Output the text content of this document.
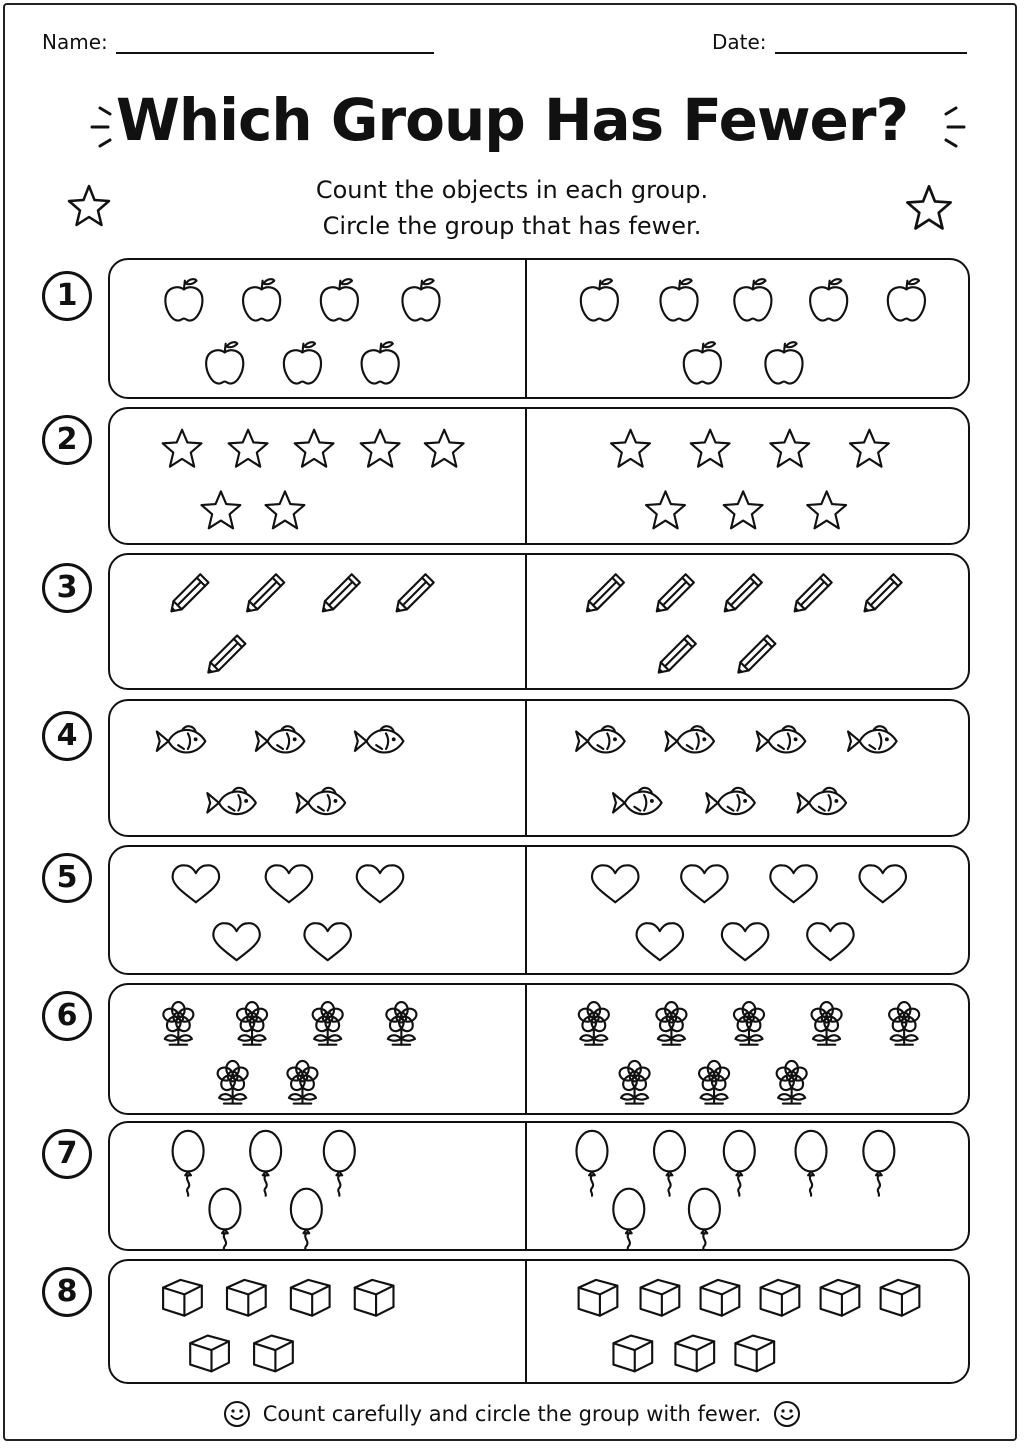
Name:	Date:
Which Group Has Fewer?
Count the objects in each group.
Circle the group that has fewer.
1
2
3
4
5
6
7
8
Count carefully and circle the group with fewer.
